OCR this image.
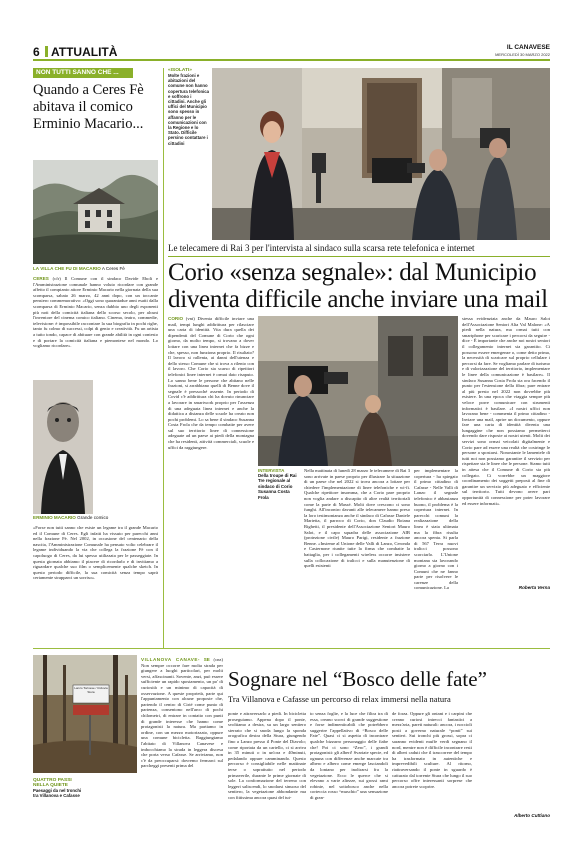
6 ATTUALITÀ	IL CANAVESE
MERCOLEDÌ 30 MARZO 2022
NON TUTTI SANNO CHE ...
Quando a Ceres Fè abitava il comico Erminio Macario...
LA VILLA CHE FU DI MACARIO A Ceres Fè
CERES (cfr) Il Comune con il sindaco Davide Eboli e l'Amministrazione comunale hanno voluto ricordare con grande affetto il compianto attore Erminio Macario nella giornata della sua scomparsa, sabato 26 marzo, 42 anni dopo, con un toccante pensiero commemorativo: «Oggi sono quarantadue anni esatti dalla scomparsa di Erminio Macario, senza dubbio uno degli esponenti più noti della comicità italiana dello scorso secolo, per alcuni l'inventore del cinema comico italiano. Cinema, teatro, commedie, televisione: è impossibile raccontare la sua biografia in pochi righe, tanto fu colmo di successi, colpi di genio e creatività. Fu un artista a tutto tondo, capace di abituare con grande abilità in ogni contesto e di portare la comicità italiana e piemontese nel mondo. Lo vogliamo ricordare».
ERMINIO MACARIO Grande comico
«Forse non tutti sanno che esiste un legame tra il grande Macario ed il Comune di Ceres. Egli infatti ha vissuto per parecchi anni nella frazione Fè. Nel 2002, in occasione del centenario della nascita, l'Amministrazione Comunale ha pensato volto celebrare il legame individuando la via che collega la frazione Fè con il capoluogo di Ceres, da lui spesso utilizzata per le passeggiate. In questa giornata abbiamo il piacere di ricordarlo e di invitiamo a riguardare qualche suo film o semplicemente qualche sketch. In questo periodo difficile, la sua comicità senza tempo saprà certamente strapparci un sorriso».
«ISOLATI»
Molte frazioni e abitazioni del comune non hanno copertura telefonica e soffrono i cittadini. Anche gli uffici del Municipio sono spesso in affanno per le comunicazioni con la Regione e lo Stato. Difficile persino contattare i cittadini
Le telecamere di Rai 3 per l'intervista al sindaco sulla scarsa rete telefonica e internet
Corio «senza segnale»: dal Municipio diventa difficile anche inviare una mail
CORIO (vnt) Diventa difficile inviare una mail, tempi lunghi addirittura per rilasciare una carta di identità. Vita dura quella dei dipendenti del Comune di Corio che ogni giorno, da molto tempo, si trovano a dover lottare con una linea internet che fa bizze e che, spesso, non funziona proprio. Il risultato? Il lavoro si rallenta, ai danni dell'utenza e dello stesso Comune che si trova a rilento con il lavoro. Che Corio sia scarso di ripetitori telefonici linee internet è ormai dato risaputo. Lo sanno bene le persone che abitano nelle frazioni, si arrabbiano quelli di Benne dove il segnale è pressoché assente. In periodo di Covid c'è addirittura chi ha dovuto rinunciare a lavorare in smartwork proprio per l'assenza di una adeguata linea internet e anche la didattica a distanza delle scuole ha creato non pochi problemi. Lo sa bene il sindaco Susanna Costa Frola che da tempo combatte per avere sul suo territorio linee di connessione adeguate ad un paese ai piedi della montagna che ha residenti, attività commerciali, scuole e uffici da raggiungere.
Nella mattinata di lunedì 28 marzo le telecamere di Rai 3 sono arrivate in paese proprio per illustrare la situazione di un paese che nel 2022 si trova ancora a lottare per chiedere l'implementazione di linee telefoniche e wi-fi. Qualche ripetitore insomma, che a Corio pare proprio non voglia andare a discapito di altre realtà territoriali come la parte di Massé. Molti dove crescono ci sono funghi. All'incontro davanti alle telecamere hanno preso la loro testimonianza anche il sindaco di Cafasse Daniele Marietta, il parroco di Corio, don Claudio Boiana Righetti, il presidente dell'Associazione Seniori Mauro Salot, e il capo squadra delle associazione AIB (protezione civile) Mauro Parigi, residente a frazione Benne. «Insieme al Unione delle Valli di Lanzo, Ceronda e Casternone riunite tutte la firma che combatte la battaglia, per i collegamenti wireless occorre insistere sulla collocazione di tralicci e sulla manutenzione di quelli esistenti
INTERVISTA
Della troupe di Rai Tre regionale al sindaco di Corio Susanna Costa Frola
per implementare la copertura - ha spiegato il primo cittadino di Cafasse - Nelle Valli di Lanzo il segnale telefonico è abbastanza buono, il problema è la copertura internet. In parecchi comuni la realizzazione della linea è stata ultimata ma la fibra risulta ancora spenta. Si parla di 567 Terra nuovi tralicci possono scorciarlo. L'Unione montana sta lavorando giorno a giorno con i Comuni che ne fanno parte per risolvere le carenze della comunicazione. La
stessa evidenziata anche da Mauro Salot dell'Associazione Seniori Alta Val Malone: «A piedi nella natura, ma ormai tutti con smartphone per scaricare i percorsi da seguire - dice - È importante che anche noi nostri seniori il collegamento internet sia garantito. Ci possono essere emergenze o, come detto prima, la necessità di scaricare sul proprio cellulare i percorsi da fare. Se vogliamo parlare di turismo e di valorizzazione del territorio, implementare le linee della comunicazione è basilare». Il sindaco Susanna Costa Frola sta ora facendo il punto per l'estensione della fibra; pare entrare al più presto nel 2022 non dovrebbe più esistere. In una epoca che viaggia sempre più veloce porre comunicare con strumenti informatici è basilare. «I nostri uffici non lavorano bene - commenta il primo cittadino - Inviare una mail, aprire un documento, oppure fare una carta di identità diventa una lungaggine che non possiamo permetterci dovendo dare risposte ai nostri utenti. Molti dei servizi sono ormai veicolati digitalmente e Corio pare ad essere una realtà che costringe le persone a spostarsi. Nonostante le lamentele di tutti noi non possiamo garantire il servizio per rispettare sia le linee che le persone. Siamo tutti in attesa che il Comune di Corio sia più collegato. Ci vorrebbe un maggiore coordinamento dei soggetti preposti al fine di garantire un servizio più adeguato e efficiente sul territorio. Tutti devono avere pari opportunità di connessione per poter lavorare ed essere informati».
Roberta Verna
Lanzo Torinese / Ciclovia Stura
QUATTRO PASSI NELLA QUIETE
Paesaggi da nel tronchi tra Villanova e Cafasse
VILLANOVA CANAVE- SE (cnz) Non sempre occorre fare molta strada per giungere a luoghi particolari, per molti versi, affascinanti. Sovente, anzi, può essere sufficiente un rapido spostamento, un po' di curiosità e un minimo di capacità di osservazione. A queste proprietà, parte qui l'appuntamento con alcune proposte che, partendo il centro di Cirié come punto di partenza, consentono nell'arco di pochi chilometri, di entrare in contatto con punti di grande interesse che hanno come protagonisti la natura. Ma partiamo in ordine, con un mezzo motorizzato, oppure una comune bicicletta. Raggiungiamo l'abitato di Villanova Canavese e imbocchiamo la strada in leggera discesa che porta verso Cafasse. Se arriviamo, non c'è da preoccuparsi: dovremo fermarci sul parcheggi presenti prima del
Sognare nel “Bosco delle fate”
Tra Villanova e Cafasse un percorso di relax immersi nella natura
ponte e attraversarlo a piedi. In bicicletta proseguiamo. Appena dopo il ponte, svoltiamo a destra, su un largo sentiero sterrato che si snoda lungo la sponda orografica destra della Stura, giungendo fino a Lanzo presso il Ponte del Diavolo; come riportata da un cartello, ci si arriva in 35 minuti o in un'ora e 40minuti, pedalando oppure camminando. Questo percorso è consigliabile nelle mattinate terse o soprattutto nel periodo primaverile, durante le prime giornate di sole. La conformazione del terreno con leggeri saliscendi, lo snodarsi sinuoso del sentiero, la vegetazione abbondante ma con fittissima ancora quasi del tut-
to senza foglie, e la luce che filtra tra di essa, creano scorci di grande suggestione e forse indimenticabili che potrebbero suggerire l'appellativo di “Bosco delle Fate”. Quasi ci si aspetta di incontrare qualche bizzarro personaggio delle fiabe che! Poi ci sono “Zero”, i grandi protagonisti: gli alberi! Svariate specie, ed ognuna con differenze anche marcate tra albero e albero come emerge lasciandoli da lontano per inoltrarsi fra la vegetazione. Ecco le querce che si elevano a varie altezze, sui grossi rami robinie, nel sottobosco anche nella corteccia rosso “muschio” una sensazione di gran-
de forza. Oppure gli ontani e i carpini che creano curiosi intrecci fantastici a mezz'aria, pareti naturali: ancora, i noccioli posti a governo naturale “ponti” sui sentieri. Sui tronchi più grossi, sopra ci saranno evidenti muffe verdi segnano il nord, mentre non è difficile incontrare resti di alberi caduti che il trascorrere del tempo ha trasformato in autentiche e imprevedibili sculture. Al ritorno, riattraversando il ponte in sguardo è catturato dal torrente Stura che lungo il suo percorso offre interessanti sorprese che ancora potrete scoprire.
Alberto Cuttiano
